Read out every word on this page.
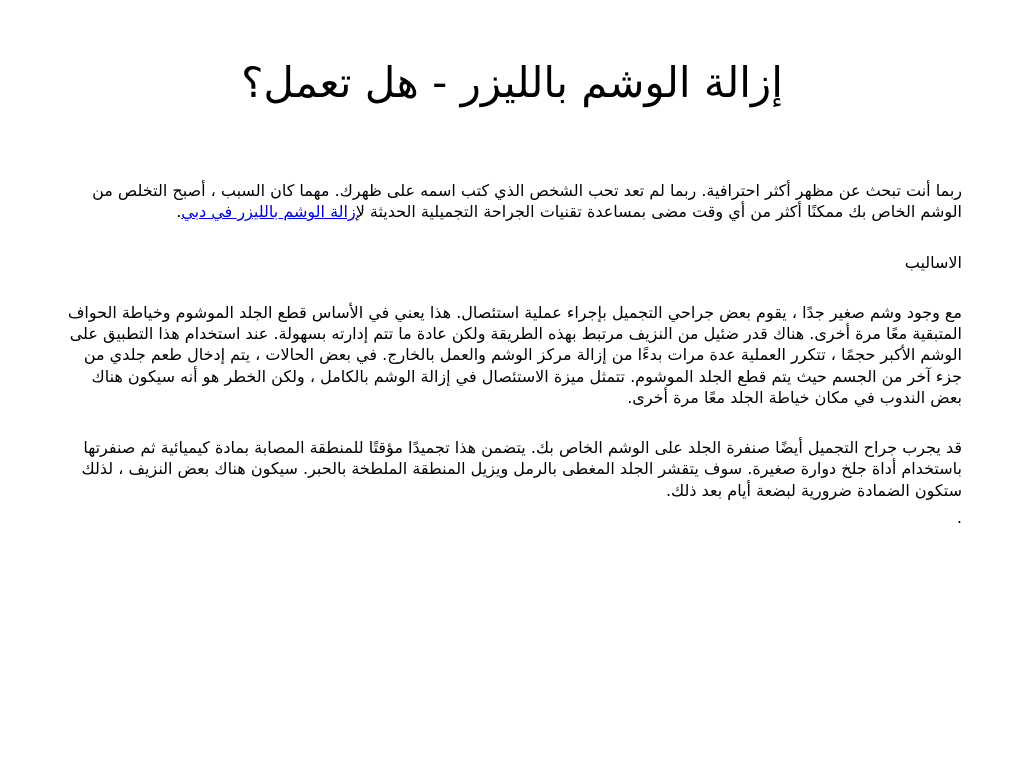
إزالة الوشم بالليزر - هل تعمل؟

ربما أنت تبحث عن مظهر أكثر احترافية. ربما لم تعد تحب الشخص الذي كتب اسمه على ظهرك. مهما كان السبب ، أصبح التخلص من الوشم الخاص بك ممكنًا أكثر من أي وقت مضى بمساعدة تقنيات الجراحة التجميلية الحديثة لإزالة الوشم بالليزر في دبي.

الاساليب

مع وجود وشم صغير جدًا ، يقوم بعض جراحي التجميل بإجراء عملية استئصال. هذا يعني في الأساس قطع الجلد الموشوم وخياطة الحواف المتبقية معًا مرة أخرى. هناك قدر ضئيل من النزيف مرتبط بهذه الطريقة ولكن عادة ما تتم إدارته بسهولة. عند استخدام هذا التطبيق على الوشم الأكبر حجمًا ، تتكرر العملية عدة مرات بدءًا من إزالة مركز الوشم والعمل بالخارج. في بعض الحالات ، يتم إدخال طعم جلدي من جزء آخر من الجسم حيث يتم قطع الجلد الموشوم. تتمثل ميزة الاستئصال في إزالة الوشم بالكامل ، ولكن الخطر هو أنه سيكون هناك بعض الندوب في مكان خياطة الجلد معًا مرة أخرى.

قد يجرب جراح التجميل أيضًا صنفرة الجلد على الوشم الخاص بك. يتضمن هذا تجميدًا مؤقتًا للمنطقة المصابة بمادة كيميائية ثم صنفرتها باستخدام أداة جلخ دوارة صغيرة. سوف يتقشر الجلد المغطى بالرمل ويزيل المنطقة الملطخة بالحبر. سيكون هناك بعض النزيف ، لذلك ستكون الضمادة ضرورية لبضعة أيام بعد ذلك.

.
